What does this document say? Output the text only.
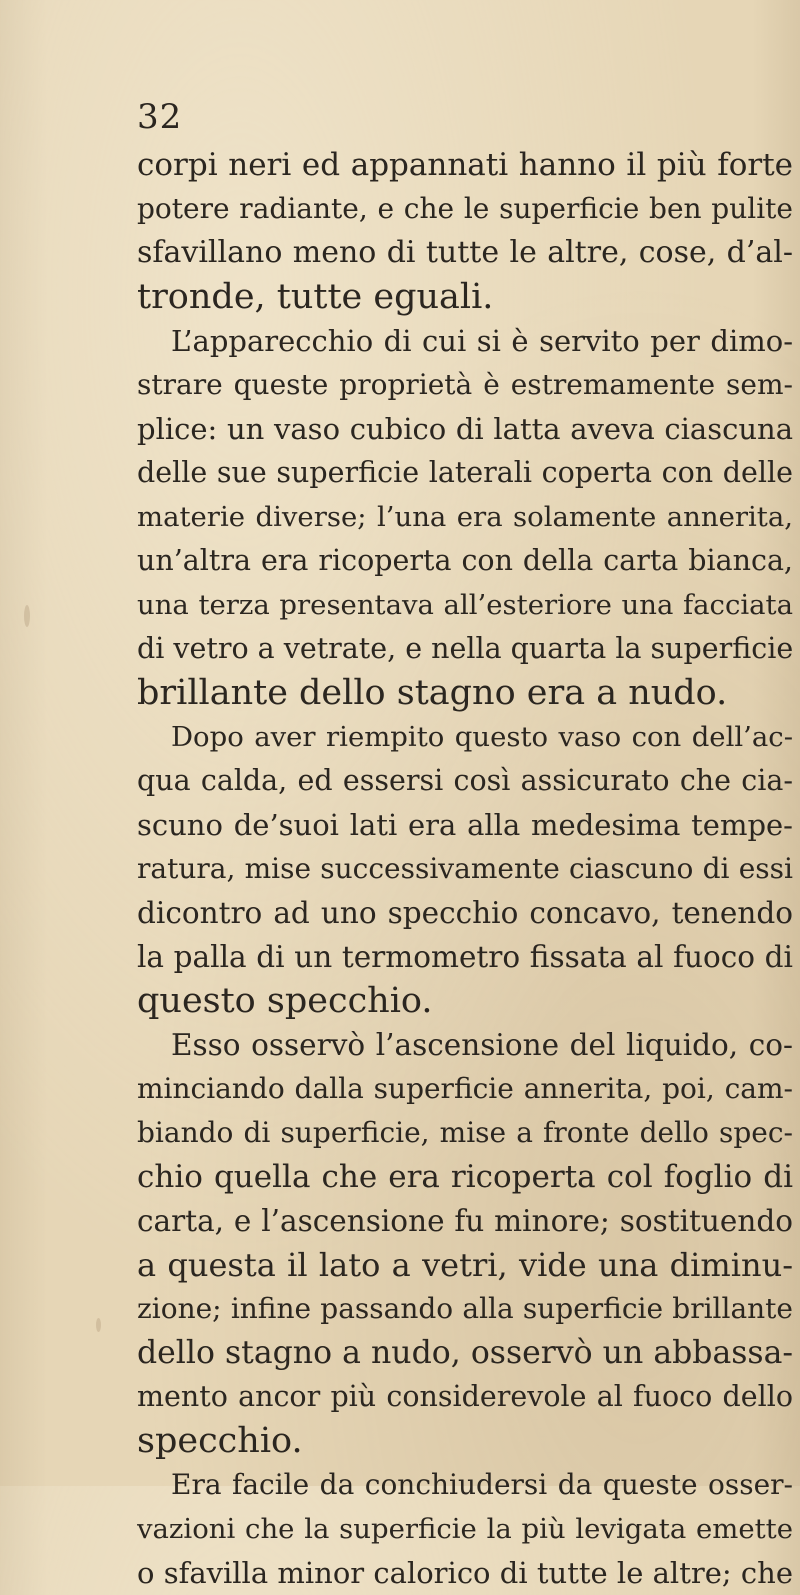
32
corpi neri ed appannati hanno il più forte
potere radiante, e che le superficie ben pulite
sfavillano meno di tutte le altre, cose, d’al-
tronde, tutte eguali.
L’apparecchio di cui si è servito per dimo-
strare queste proprietà è estremamente sem-
plice: un vaso cubico di latta aveva ciascuna
delle sue superficie laterali coperta con delle
materie diverse; l’una era solamente annerita,
un’altra era ricoperta con della carta bianca,
una terza presentava all’esteriore una facciata
di vetro a vetrate, e nella quarta la superficie
brillante dello stagno era a nudo.
Dopo aver riempito questo vaso con dell’ac-
qua calda, ed essersi così assicurato che cia-
scuno de’suoi lati era alla medesima tempe-
ratura, mise successivamente ciascuno di essi
dicontro ad uno specchio concavo, tenendo
la palla di un termometro fissata al fuoco di
questo specchio.
Esso osservò l’ascensione del liquido, co-
minciando dalla superficie annerita, poi, cam-
biando di superficie, mise a fronte dello spec-
chio quella che era ricoperta col foglio di
carta, e l’ascensione fu minore; sostituendo
a questa il lato a vetri, vide una diminu-
zione; infine passando alla superficie brillante
dello stagno a nudo, osservò un abbassa-
mento ancor più considerevole al fuoco dello
specchio.
Era facile da conchiudersi da queste osser-
vazioni che la superficie la più levigata emette
o sfavilla minor calorico di tutte le altre; che
